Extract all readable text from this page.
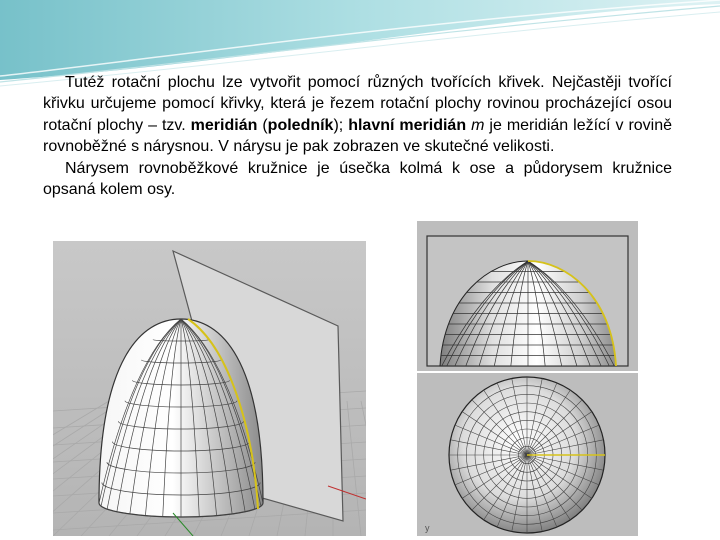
Tutéž rotační plochu lze vytvořit pomocí různých tvořících křivek. Nejčastěji tvořící křivku určujeme pomocí křivky, která je řezem rotační plochy rovinou procházející osou rotační plochy – tzv. meridián (poledník); hlavní meridián m je meridián ležící v rovině rovnoběžné s nárysnou. V nárysu je pak zobrazen ve skutečné velikosti.

Nárysem rovnoběžkové kružnice je úsečka kolmá k ose a půdorysem kružnice opsaná kolem osy.

y
